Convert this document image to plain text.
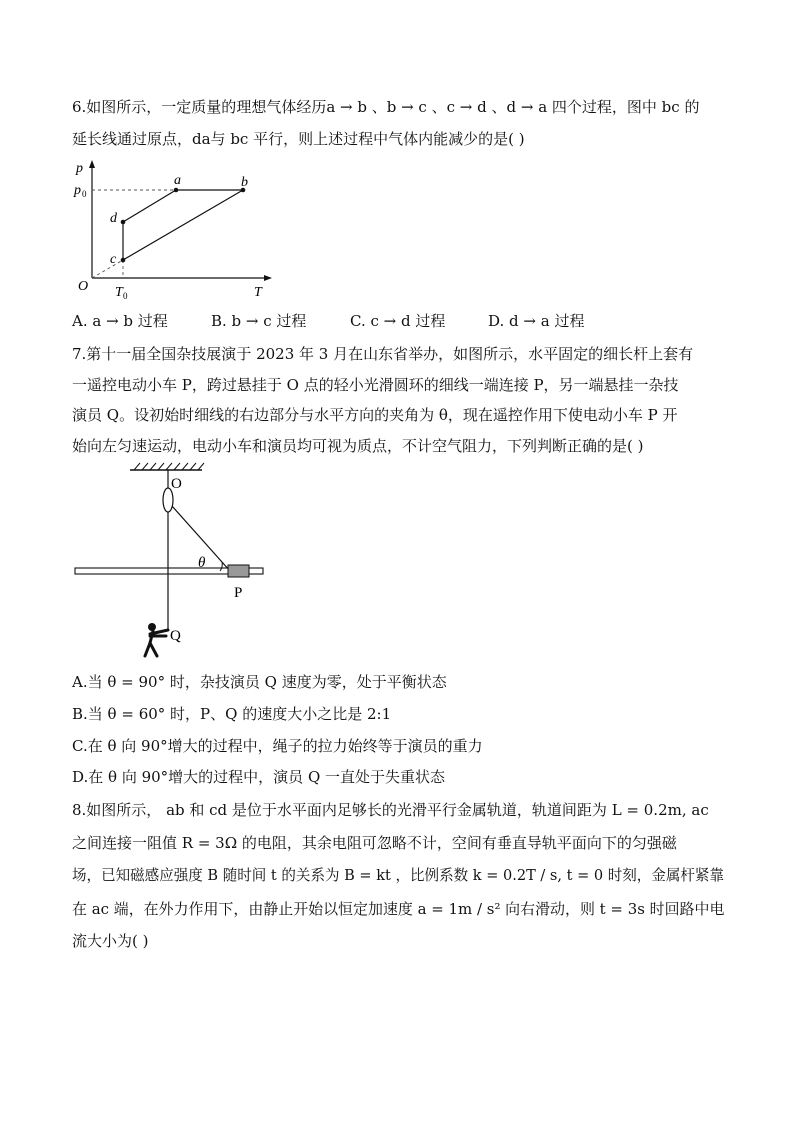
6.如图所示，一定质量的理想气体经历a → b 、b → c 、c → d 、d → a 四个过程，图中 bc 的
延长线通过原点，da与 bc 平行，则上述过程中气体内能减少的是( )
p
T
O
p 0
T 0
a	b
c
d
A. a → b 过程	B. b → c 过程	C. c → d 过程	D. d → a 过程
7.第十一届全国杂技展演于 2023 年 3 月在山东省举办，如图所示，水平固定的细长杆上套有
一遥控电动小车 P，跨过悬挂于 O 点的轻小光滑圆环的细线一端连接 P，另一端悬挂一杂技
演员 Q。设初始时细线的右边部分与水平方向的夹角为 θ，现在遥控作用下使电动小车 P 开
始向左匀速运动，电动小车和演员均可视为质点，不计空气阻力，下列判断正确的是( )
O
θ
P
Q
A.当 θ = 90° 时，杂技演员 Q 速度为零，处于平衡状态
B.当 θ = 60° 时，P、Q 的速度大小之比是 2:1
C.在 θ 向 90°增大的过程中，绳子的拉力始终等于演员的重力
D.在 θ 向 90°增大的过程中，演员 Q 一直处于失重状态
8.如图所示， ab 和 cd 是位于水平面内足够长的光滑平行金属轨道，轨道间距为 L = 0.2m, ac
之间连接一阻值 R = 3Ω 的电阻，其余电阻可忽略不计，空间有垂直导轨平面向下的匀强磁
场，已知磁感应强度 B 随时间 t 的关系为 B = kt ，比例系数 k = 0.2T / s, t = 0 时刻，金属杆紧靠
在 ac 端，在外力作用下，由静止开始以恒定加速度 a = 1m / s² 向右滑动，则 t = 3s 时回路中电
流大小为( )
